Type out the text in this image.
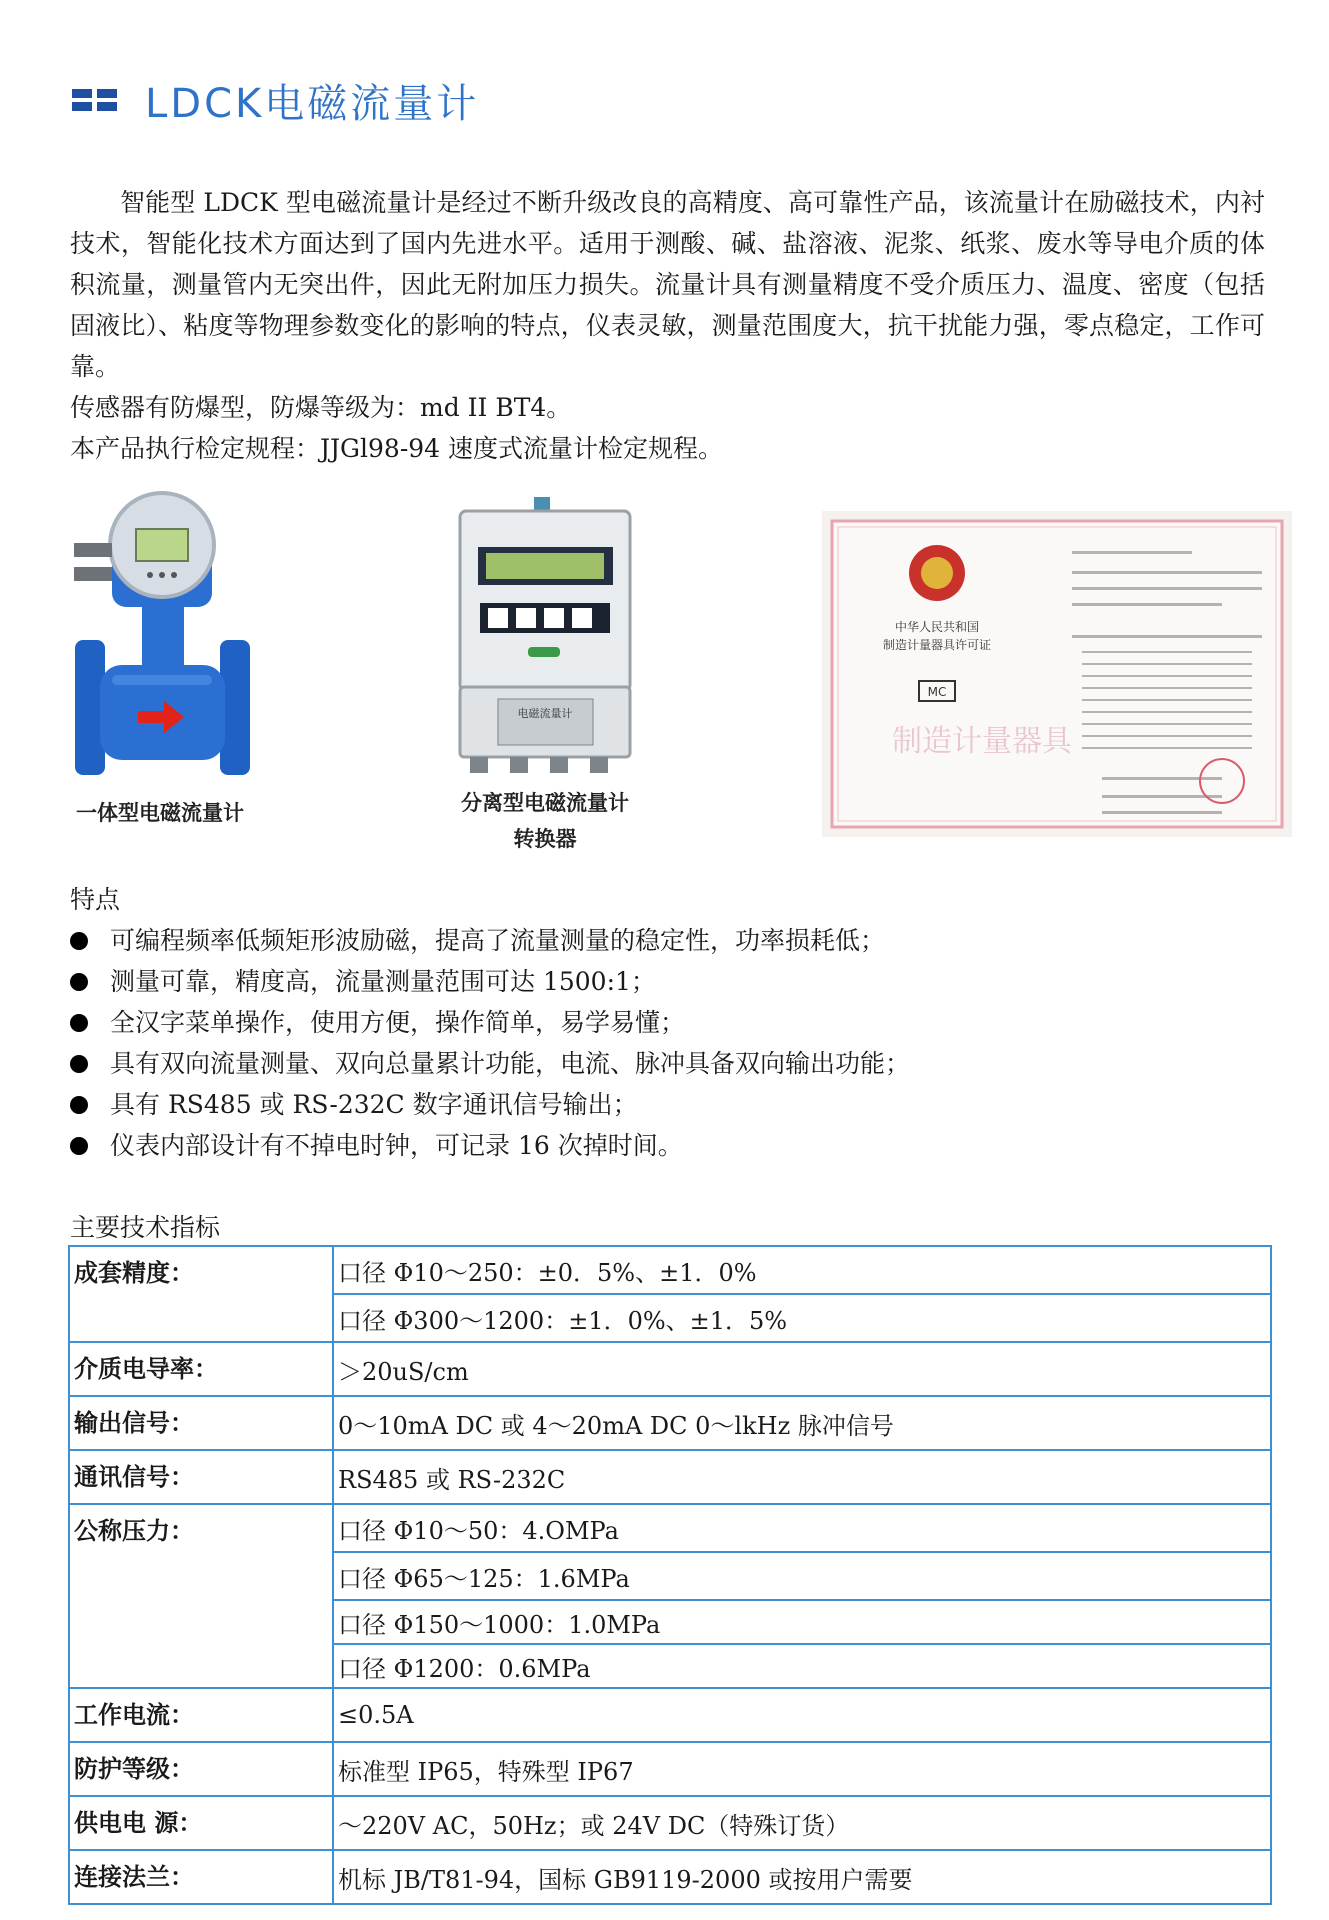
LDCK电磁流量计

智能型 LDCK 型电磁流量计是经过不断升级改良的高精度、高可靠性产品，该流量计在励磁技术，内衬技术，智能化技术方面达到了国内先进水平。适用于测酸、碱、盐溶液、泥浆、纸浆、废水等导电介质的体积流量，测量管内无突出件，因此无附加压力损失。流量计具有测量精度不受介质压力、温度、密度（包括固液比）、粘度等物理参数变化的影响的特点，仪表灵敏，测量范围度大，抗干扰能力强，零点稳定，工作可靠。

传感器有防爆型，防爆等级为：md II BT4。

本产品执行检定规程：JJGl98-94 速度式流量计检定规程。

一体型电磁流量计
电磁流量计
分离型电磁流量计
转换器
中华人民共和国
制造计量器具许可证
MC
制造计量器具
特点
可编程频率低频矩形波励磁，提高了流量测量的稳定性，功率损耗低；
测量可靠，精度高，流量测量范围可达 1500:1；
全汉字菜单操作，使用方便，操作简单，易学易懂；
具有双向流量测量、双向总量累计功能，电流、脉冲具备双向输出功能；
具有 RS485 或 RS-232C 数字通讯信号输出；
仪表内部设计有不掉电时钟，可记录 16 次掉时间。
主要技术指标
成套精度：	口径 Φ10～250：±0．5%、±1．0%
	口径 Φ300～1200：±1．0%、±1．5%
介质电导率：	＞20uS/cm
输出信号：	0～10mA DC 或 4～20mA DC 0～lkHz 脉冲信号
通讯信号：	RS485 或 RS-232C
公称压力：	口径 Φ10～50：4.OMPa
	口径 Φ65～125：1.6MPa
	口径 Φ150～1000：1.0MPa
	口径 Φ1200：0.6MPa
工作电流：	≤0.5A
防护等级：	标准型 IP65，特殊型 IP67
供电电 源：	～220V AC，50Hz；或 24V DC（特殊订货）
连接法兰：	机标 JB/T81-94，国标 GB9119-2000 或按用户需要
